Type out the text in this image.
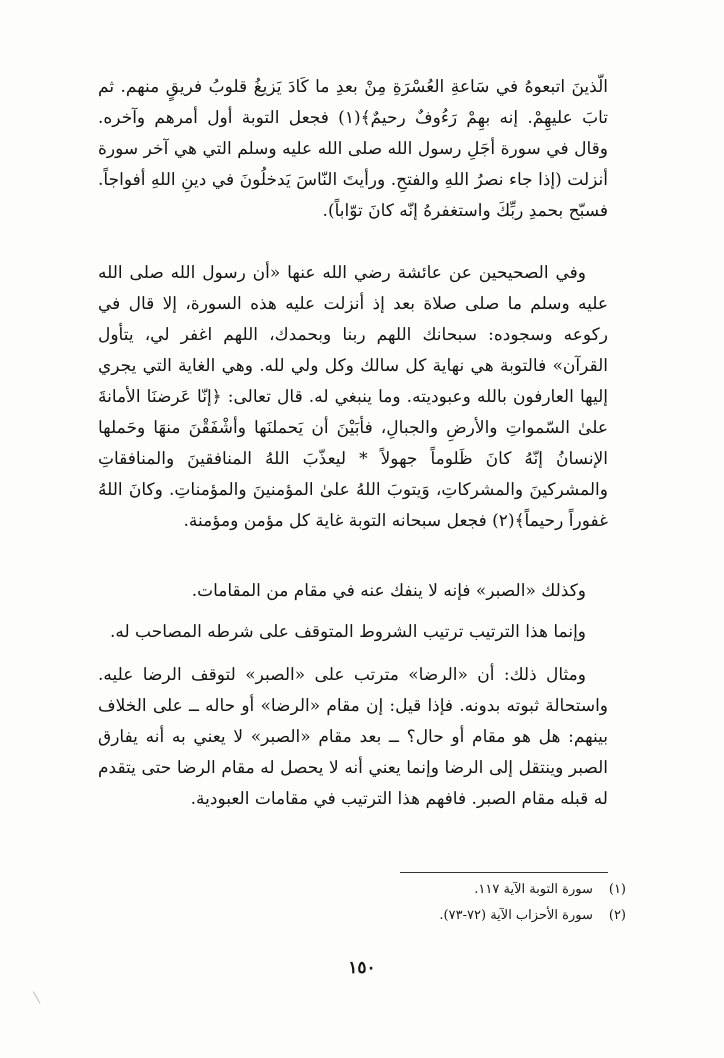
الّذينَ اتبعوهُ في سَاعةِ العُسْرَةِ مِنْ بعدِ ما كَادَ يَزيغُ قلوبُ فريقٍ منهم. ثم تابَ عليهِمْ. إنه بهِمْ رَءُوفٌ رحيمٌ﴾(١) فجعل التوبة أول أمرهم وآخره. وقال في سورة أجَلِ رسول الله صلى الله عليه وسلم التي هي آخر سورة أنزلت (إذا جاء نصرُ اللهِ والفتحِ. ورأيتَ النّاسَ يَدخلُونَ في دينِ اللهِ أفواجاً. فسبّح بحمدِ ربِّكَ واستغفرهُ إنّه كانَ توّاباً).

وفي الصحيحين عن عائشة رضي الله عنها «أن رسول الله صلى الله عليه وسلم ما صلى صلاة بعد إذ أنزلت عليه هذه السورة، إلا قال في ركوعه وسجوده: سبحانك اللهم ربنا وبحمدك، اللهم اغفر لي، يتأول القرآن» فالتوبة هي نهاية كل سالك وكل ولي لله. وهي الغاية التي يجري إليها العارفون بالله وعبوديته. وما ينبغي له. قال تعالى: ﴿إنّا عَرضنَا الأمانةَ علىٰ السّمواتِ والأرضِ والجبالِ، فأبَيْنَ أن يَحملنَها وأشْفَقْنَ منهَا وحَملها الإنسانُ إنّهُ كانَ ظَلوماً جهولاً * ليعذّبَ اللهُ المنافقينَ والمنافقاتِ والمشركينَ والمشركاتِ، وَيتوبَ اللهُ علىٰ المؤمنينَ والمؤمناتِ. وكانَ اللهُ غفوراً رحيماً﴾(٢) فجعل سبحانه التوبة غاية كل مؤمن ومؤمنة.

وكذلك «الصبر» فإنه لا ينفك عنه في مقام من المقامات.

وإنما هذا الترتيب ترتيب الشروط المتوقف على شرطه المصاحب له.

ومثال ذلك: أن «الرضا» مترتب على «الصبر» لتوقف الرضا عليه. واستحالة ثبوته بدونه. فإذا قيل: إن مقام «الرضا» أو حاله ــ على الخلاف بينهم: هل هو مقام أو حال؟ ــ بعد مقام «الصبر» لا يعني به أنه يفارق الصبر وينتقل إلى الرضا وإنما يعني أنه لا يحصل له مقام الرضا حتى يتقدم له قبله مقام الصبر. فافهم هذا الترتيب في مقامات العبودية.

(١)سورة التوبة الآية ١١٧.

(٢)سورة الأحزاب الآية (٧٢-٧٣).

١٥٠
